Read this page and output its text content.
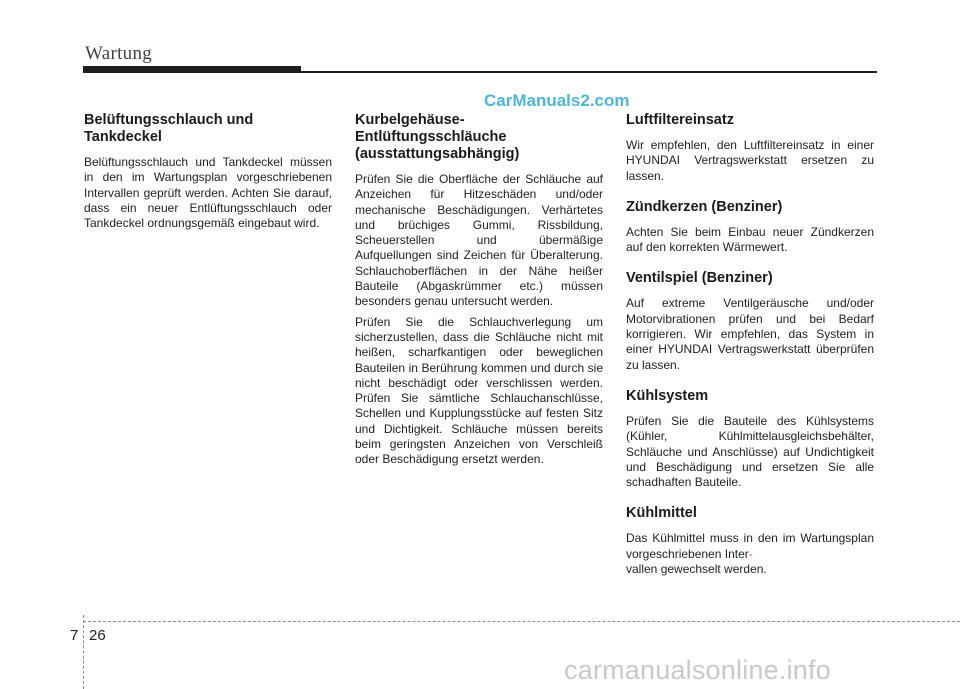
Wartung
CarManuals2.com
Belüftungsschlauch und Tankdeckel

Belüftungsschlauch und Tankdeckel müssen in den im Wartungsplan vorgeschriebenen Intervallen geprüft werden. Achten Sie darauf, dass ein neuer Entlüftungsschlauch oder Tankdeckel ordnungsgemäß eingebaut wird.

Kurbelgehäuse-Entlüftungsschläuche (ausstattungsabhängig)

Prüfen Sie die Oberfläche der Schläuche auf Anzeichen für Hitzeschäden und/oder mechanische Beschädigungen. Verhärtetes und brüchiges Gummi, Rissbildung, Scheuerstellen und übermäßige Aufquellungen sind Zeichen für Überalterung. Schlauchoberflächen in der Nähe heißer Bauteile (Abgaskrümmer etc.) müssen besonders genau untersucht werden.

Prüfen Sie die Schlauchverlegung um sicherzustellen, dass die Schläuche nicht mit heißen, scharfkantigen oder beweglichen Bauteilen in Berührung kommen und durch sie nicht beschädigt oder verschlissen werden. Prüfen Sie sämtliche Schlauchanschlüsse, Schellen und Kupplungsstücke auf festen Sitz und Dichtigkeit. Schläuche müssen bereits beim geringsten Anzeichen von Verschleiß oder Beschädigung ersetzt werden.

Luftfiltereinsatz

Wir empfehlen, den Luftfiltereinsatz in einer HYUNDAI Vertragswerkstatt ersetzen zu lassen.

Zündkerzen (Benziner)

Achten Sie beim Einbau neuer Zündkerzen auf den korrekten Wärmewert.

Ventilspiel (Benziner)

Auf extreme Ventilgeräusche und/oder Motorvibrationen prüfen und bei Bedarf korrigieren. Wir empfehlen, das System in einer HYUNDAI Vertragswerkstatt überprüfen zu lassen.

Kühlsystem

Prüfen Sie die Bauteile des Kühlsystems (Kühler, Kühlmittelausgleichsbehälter, Schläuche und Anschlüsse) auf Undichtigkeit und Beschädigung und ersetzen Sie alle schadhaften Bauteile.

Kühlmittel

Das Kühlmittel muss in den im Wartungsplan vorgeschriebenen Inter-
vallen gewechselt werden.

7 26
carmanualsonline.info
